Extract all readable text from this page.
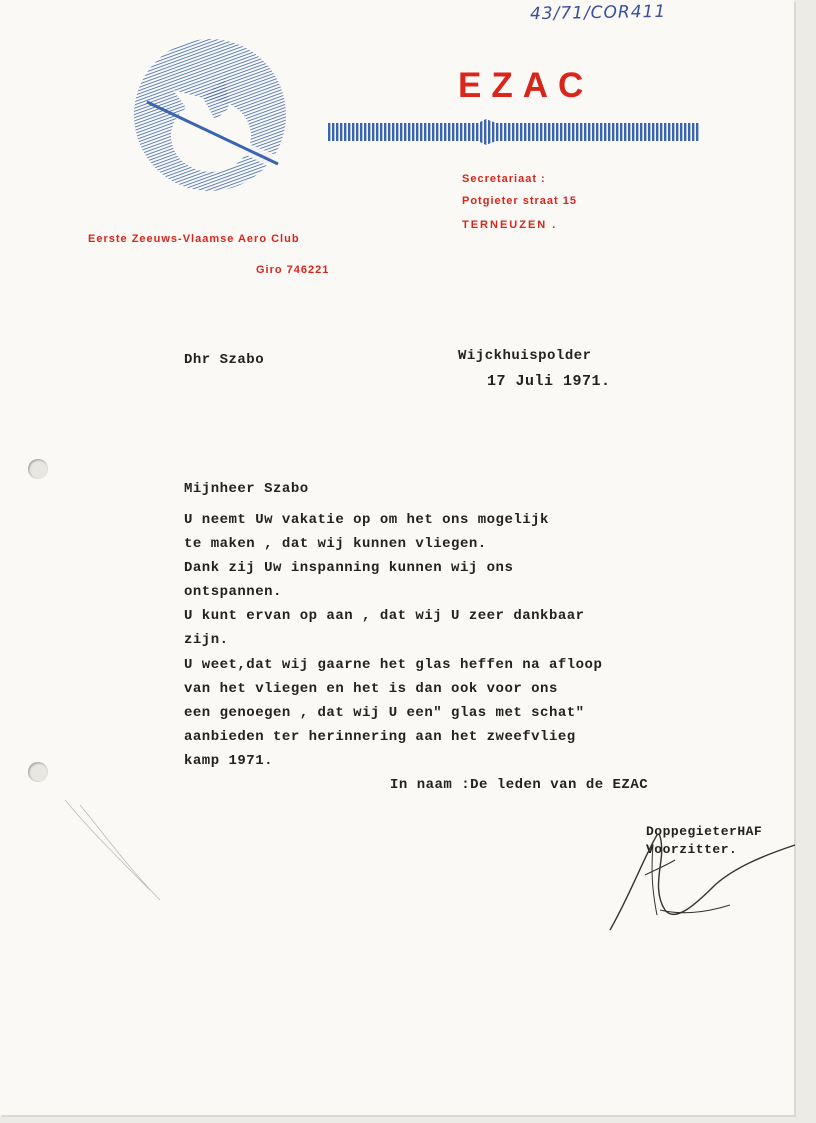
43/71/COR411
EZAC
Secretariaat :
Potgieter straat 15
TERNEUZEN .
Eerste Zeeuws-Vlaamse Aero Club
Giro 746221
Dhr Szabo	Wijckhuispolder
17 Juli 1971.
Mijnheer Szabo
U neemt Uw vakatie op om het ons mogelijk
te maken , dat wij kunnen vliegen.
Dank zij Uw inspanning kunnen wij ons
ontspannen.
U kunt ervan op aan , dat wij U zeer dankbaar
zijn.
U weet,dat wij gaarne het glas heffen na afloop
van het vliegen en het is dan ook voor ons
een genoegen , dat wij U een" glas met schat"
aanbieden ter herinnering aan het zweefvlieg
kamp 1971.
In naam :De leden van de EZAC
DoppegieterHAF
Voorzitter.
